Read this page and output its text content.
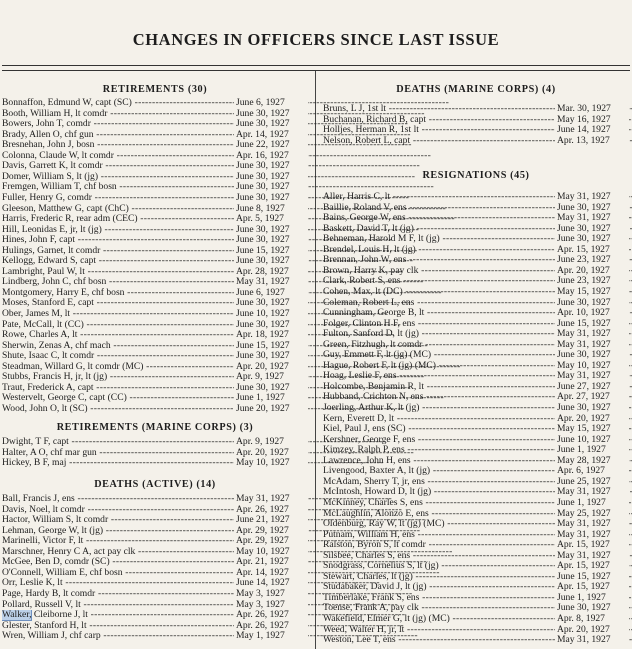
CHANGES IN OFFICERS SINCE LAST ISSUE
RETIREMENTS (30)
Bonnaffon, Edmund W, capt (SC) -----	June 6, 1927
Booth, William H, lt comdr -----	June 30, 1927
Bowers, John T, comdr -----	June 30, 1927
Brady, Allen O, chf gun -----	Apr. 14, 1927
Bresnehan, John J, bosn -----	June 22, 1927
Colonna, Claude W, lt comdr -----	Apr. 16, 1927
Davis, Garrett K, lt comdr -----	June 30, 1927
Domer, William S, lt (jg) -----	June 30, 1927
Fremgen, William T, chf bosn -----	June 30, 1927
Fuller, Henry G, comdr -----	June 30, 1927
Gleeson, Matthew G, capt (ChC) -----	June 8, 1927
Harris, Frederic R, rear adm (CEC) -----	Apr. 5, 1927
Hill, Leonidas E, jr, lt (jg) -----	June 30, 1927
Hines, John F, capt -----	June 30, 1927
Hulings, Garnet, lt comdr -----	June 15, 1927
Kellogg, Edward S, capt -----	June 30, 1927
Lambright, Paul W, lt -----	Apr. 28, 1927
Lindberg, John C, chf bosn -----	May 31, 1927
Montgomery, Harry E, chf bosn -----	June 6, 1927
Moses, Stanford E, capt -----	June 30, 1927
Ober, James M, lt -----	June 10, 1927
Pate, McCall, lt (CC) -----	June 30, 1927
Rowe, Charles A, lt -----	Apr. 18, 1927
Sherwin, Zenas A, chf mach -----	June 15, 1927
Shute, Isaac C, lt comdr -----	June 30, 1927
Steadman, Willard G, lt comdr (MC) -----	Apr. 20, 1927
Stubbs, Francis H, jr, lt (jg) -----	Apr. 9, 1927
Traut, Frederick A, capt -----	June 30, 1927
Westervelt, George C, capt (CC) -----	June 1, 1927
Wood, John O, lt (SC) -----	June 20, 1927
RETIREMENTS (MARINE CORPS) (3)
Dwight, T F, capt -----	Apr. 9, 1927
Halter, A O, chf mar gun -----	Apr. 20, 1927
Hickey, B F, maj -----	May 10, 1927
DEATHS (ACTIVE) (14)
Ball, Francis J, ens -----	May 31, 1927
Davis, Noel, lt comdr -----	Apr. 26, 1927
Hactor, William S, lt comdr -----	June 21, 1927
Lehman, George W, lt (jg) -----	Apr. 29, 1927
Marinelli, Victor F, lt -----	Apr. 29, 1927
Marschner, Henry C A, act pay clk -----	May 10, 1927
McGee, Ben D, comdr (SC) -----	Apr. 21, 1927
O'Connell, William E, chf bosn -----	Apr. 14, 1927
Orr, Leslie K, lt -----	June 14, 1927
Page, Hardy B, lt comdr -----	May 3, 1927
Pollard, Russell V, lt -----	May 3, 1927
Walker, Cleiborne J, lt -----	Apr. 26, 1927
Glester, Stanford H, lt -----	Apr. 26, 1927
Wren, William J, chf carp -----	May 1, 1927
DEATHS (MARINE CORPS) (4)
Bruns, L J, 1st lt -----	Mar. 30, 1927
Buchanan, Richard B, capt -----	May 16, 1927
Holljes, Herman R, 1st lt -----	June 14, 1927
Nelson, Robert L, capt -----	Apr. 13, 1927
RESIGNATIONS (45)
Aller, Harris C, lt -----	May 31, 1927
Baillie, Roland V, ens -----	June 30, 1927
Bains, George W, ens -----	May 31, 1927
Baskett, David T, lt (jg) -----	June 30, 1927
Behneman, Harold M F, lt (jg) -----	June 30, 1927
Brendel, Louis H, lt (jg) -----	Apr. 15, 1927
Brennan, John W, ens -----	June 23, 1927
Brown, Harry K, pay clk -----	Apr. 20, 1927
Clark, Robert S, ens -----	June 23, 1927
Cohen, Max, lt (DC) -----	May 15, 1927
Coleman, Robert L, ens -----	June 30, 1927
Cunningham, George B, lt -----	Apr. 10, 1927
Folger, Clinton H F, ens -----	June 15, 1927
Fulton, Sanford D, lt (jg) -----	May 31, 1927
Green, Fitzhugh, lt comdr -----	May 31, 1927
Guy, Emmett F, lt (jg) (MC) -----	June 30, 1927
Hague, Robert F, lt (jg) (MC) -----	May 10, 1927
Hoag, Leslie F, ens -----	May 31, 1927
Holcombe, Benjamin R, lt -----	June 27, 1927
Hubband, Crichton N, ens -----	Apr. 27, 1927
Joerling, Arthur K, lt (jg) -----	June 30, 1927
Kern, Everett D, lt -----	Apr. 20, 1927
Kiel, Paul J, ens (SC) -----	May 15, 1927
Kershner, George F, ens -----	June 10, 1927
Kimzey, Ralph P, ens -----	June 1, 1927
Lawrence, John H, ens -----	May 28, 1927
Livengood, Baxter A, lt (jg) -----	Apr. 6, 1927
McAdam, Sherry T, jr, ens -----	June 25, 1927
McIntosh, Howard D, lt (jg) -----	May 31, 1927
McKinney, Charles S, ens -----	June 1, 1927
McLaughlin, Alonzo E, ens -----	May 25, 1927
Oldenburg, Ray W, lt (jg) (MC) -----	May 31, 1927
Putnam, William H, ens -----	May 31, 1927
Ralston, Byron S, lt comdr -----	Apr. 15, 1927
Silsbee, Charles S, ens -----	May 31, 1927
Snodgrass, Cornelius S, lt (jg) -----	Apr. 15, 1927
Stewart, Charles, lt (jg) -----	June 15, 1927
Studabaker, David J, lt (jg) -----	Apr. 15, 1927
Timberlake, Frank S, ens -----	June 1, 1927
Toense, Frank A, pay clk -----	June 30, 1927
Wakefield, Elmer G, lt (jg) (MC) -----	Apr. 8, 1927
Weed, Walter H, jr, lt -----	Apr. 20, 1927
Weston, Lee T, ens -----	May 31, 1927
